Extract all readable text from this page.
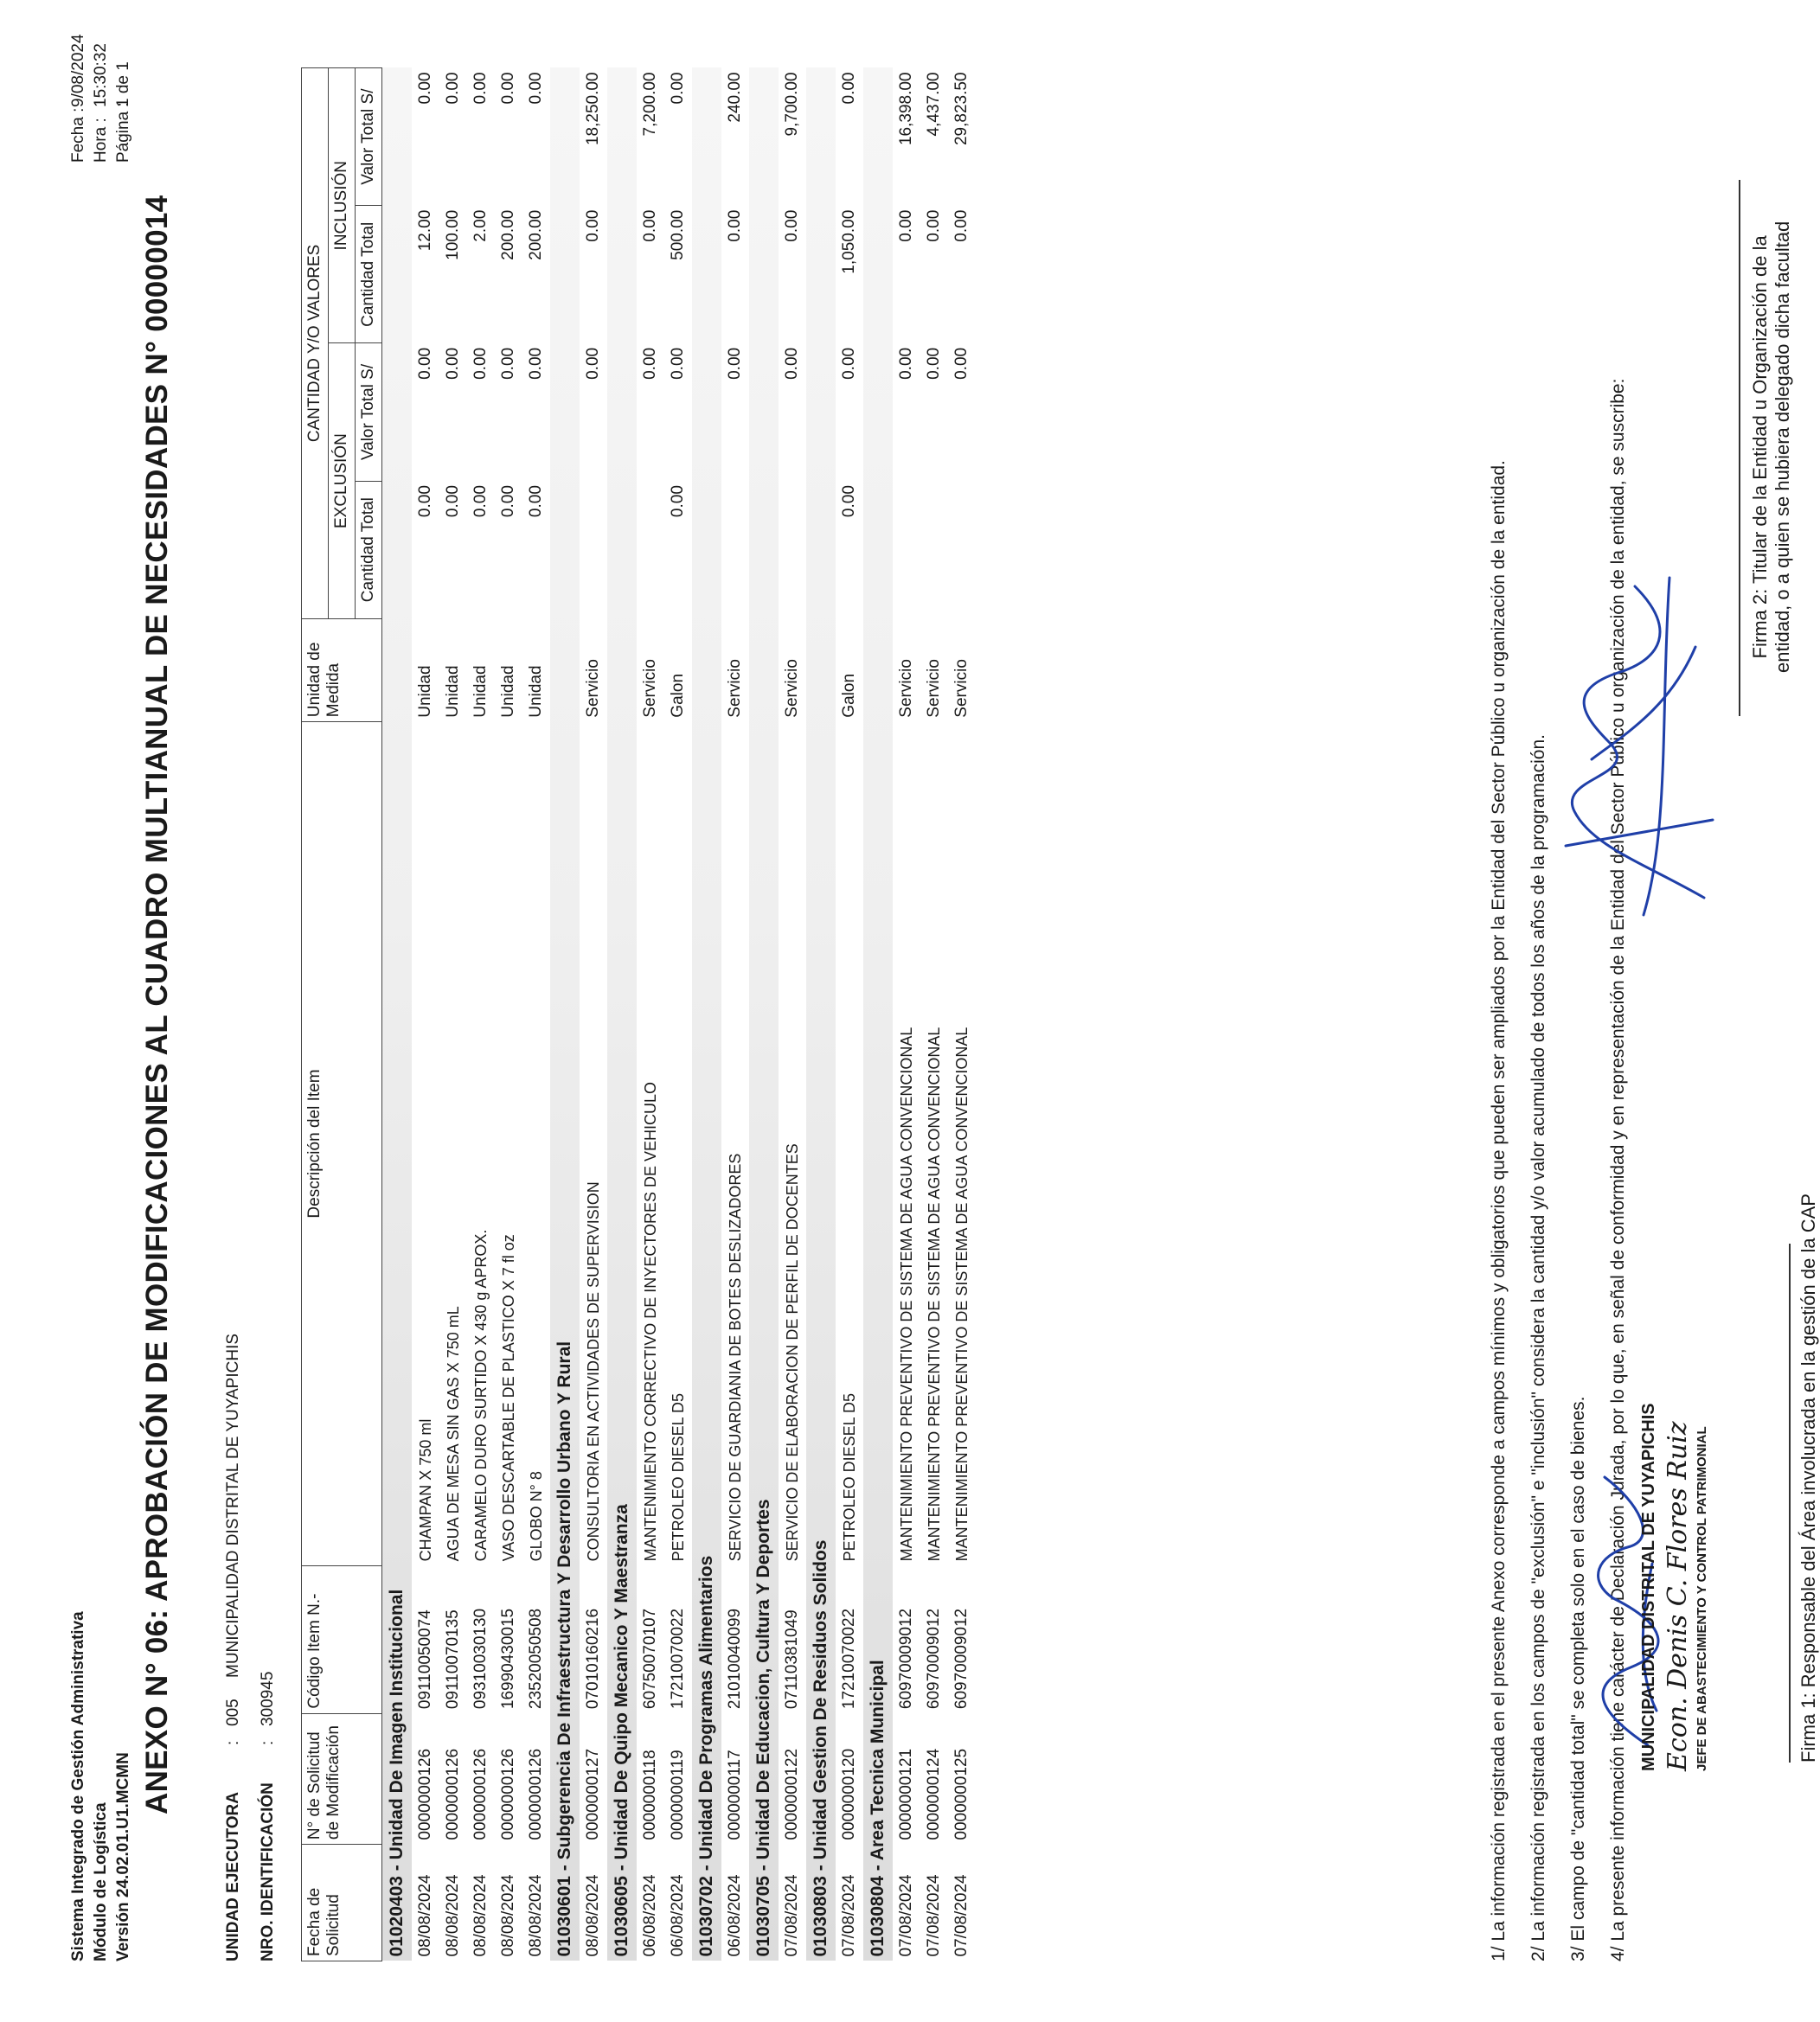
Sistema Integrado de Gestión Administrativa Módulo de Logística Versión 24.02.01.U1.MCMN
Fecha :
9/08/2024
Hora :
15:30:32
Página :
1 de 1
ANEXO N° 06: APROBACIÓN DE MODIFICACIONES AL CUADRO MULTIANUAL DE NECESIDADES N° 00000014
UNIDAD EJECUTORA:005MUNICIPALIDAD DISTRITAL DE YUYAPICHIS
NRO. IDENTIFICACIÓN:300945
Fecha de Solicitud	N° de Solicitud de Modificación	Código Item N.-	Descripción del Item	Unidad de Medida	CANTIDAD Y/O VALORES			
					EXCLUSIÓN		INCLUSIÓN	
					Cantidad Total	Valor Total S/	Cantidad Total	Valor Total S/
01020403 - Unidad De Imagen Institucional								
08/08/2024	0000000126	09110050074	CHAMPAN X 750 ml	Unidad	0.00	0.00	12.00	0.00
08/08/2024	0000000126	09110070135	AGUA DE MESA SIN GAS X 750 mL	Unidad	0.00	0.00	100.00	0.00
08/08/2024	0000000126	09310030130	CARAMELO DURO SURTIDO X 430 g APROX.	Unidad	0.00	0.00	2.00	0.00
08/08/2024	0000000126	16990430015	VASO DESCARTABLE DE PLASTICO X 7 fl oz	Unidad	0.00	0.00	200.00	0.00
08/08/2024	0000000126	23520050508	GLOBO N° 8	Unidad	0.00	0.00	200.00	0.00
01030601 - Subgerencia De Infraestructura Y Desarrollo Urbano Y Rural								
08/08/2024	0000000127	07010160216	CONSULTORIA EN ACTIVIDADES DE SUPERVISION	Servicio		0.00	0.00	18,250.00
01030605 - Unidad De Quipo Mecanico Y Maestranza								
06/08/2024	0000000118	60750070107	MANTENIMIENTO CORRECTIVO DE INYECTORES DE VEHICULO	Servicio		0.00	0.00	7,200.00
06/08/2024	0000000119	17210070022	PETROLEO DIESEL D5	Galon	0.00	0.00	500.00	0.00
01030702 - Unidad De Programas Alimentarios								
06/08/2024	0000000117	21010040099	SERVICIO DE GUARDIANIA DE BOTES DESLIZADORES	Servicio		0.00	0.00	240.00
01030705 - Unidad De Educacion, Cultura Y Deportes								
07/08/2024	0000000122	07110381049	SERVICIO DE ELABORACION DE PERFIL DE DOCENTES	Servicio		0.00	0.00	9,700.00
01030803 - Unidad Gestion De Residuos Solidos								
07/08/2024	0000000120	17210070022	PETROLEO DIESEL D5	Galon	0.00	0.00	1,050.00	0.00
01030804 - Area Tecnica Municipal								
07/08/2024	0000000121	60970009012	MANTENIMIENTO PREVENTIVO DE SISTEMA DE AGUA CONVENCIONAL	Servicio		0.00	0.00	16,398.00
07/08/2024	0000000124	60970009012	MANTENIMIENTO PREVENTIVO DE SISTEMA DE AGUA CONVENCIONAL	Servicio		0.00	0.00	4,437.00
07/08/2024	0000000125	60970009012	MANTENIMIENTO PREVENTIVO DE SISTEMA DE AGUA CONVENCIONAL	Servicio		0.00	0.00	29,823.50
1/ La información registrada en el presente Anexo corresponde a campos mínimos y obligatorios que pueden ser ampliados por la Entidad del Sector Público u organización de la entidad.	2/ La información registrada en los campos de "exclusión" e "inclusión" considera la cantidad y/o valor acumulado de todos los años de la programación.	3/ El campo de "cantidad total" se completa solo en el caso de bienes.	4/ La presente información tiene carácter de Declaración Jurada, por lo que, en señal de conformidad y en representación de la Entidad del Sector Público u organización de la entidad, se suscribe: MUNICIPALIDAD DISTRITAL DE YUYAPICHIS Econ. Denis C. Flores Ruiz JEFE DE ABASTECIMIENTO Y CONTROL PATRIMONIAL	Firma 1: Responsable del Área involucrada en la gestión de la CAP
Firma 2: Titular de la Entidad u Organización de la entidad, o a quien se hubiera delegado dicha facultad
